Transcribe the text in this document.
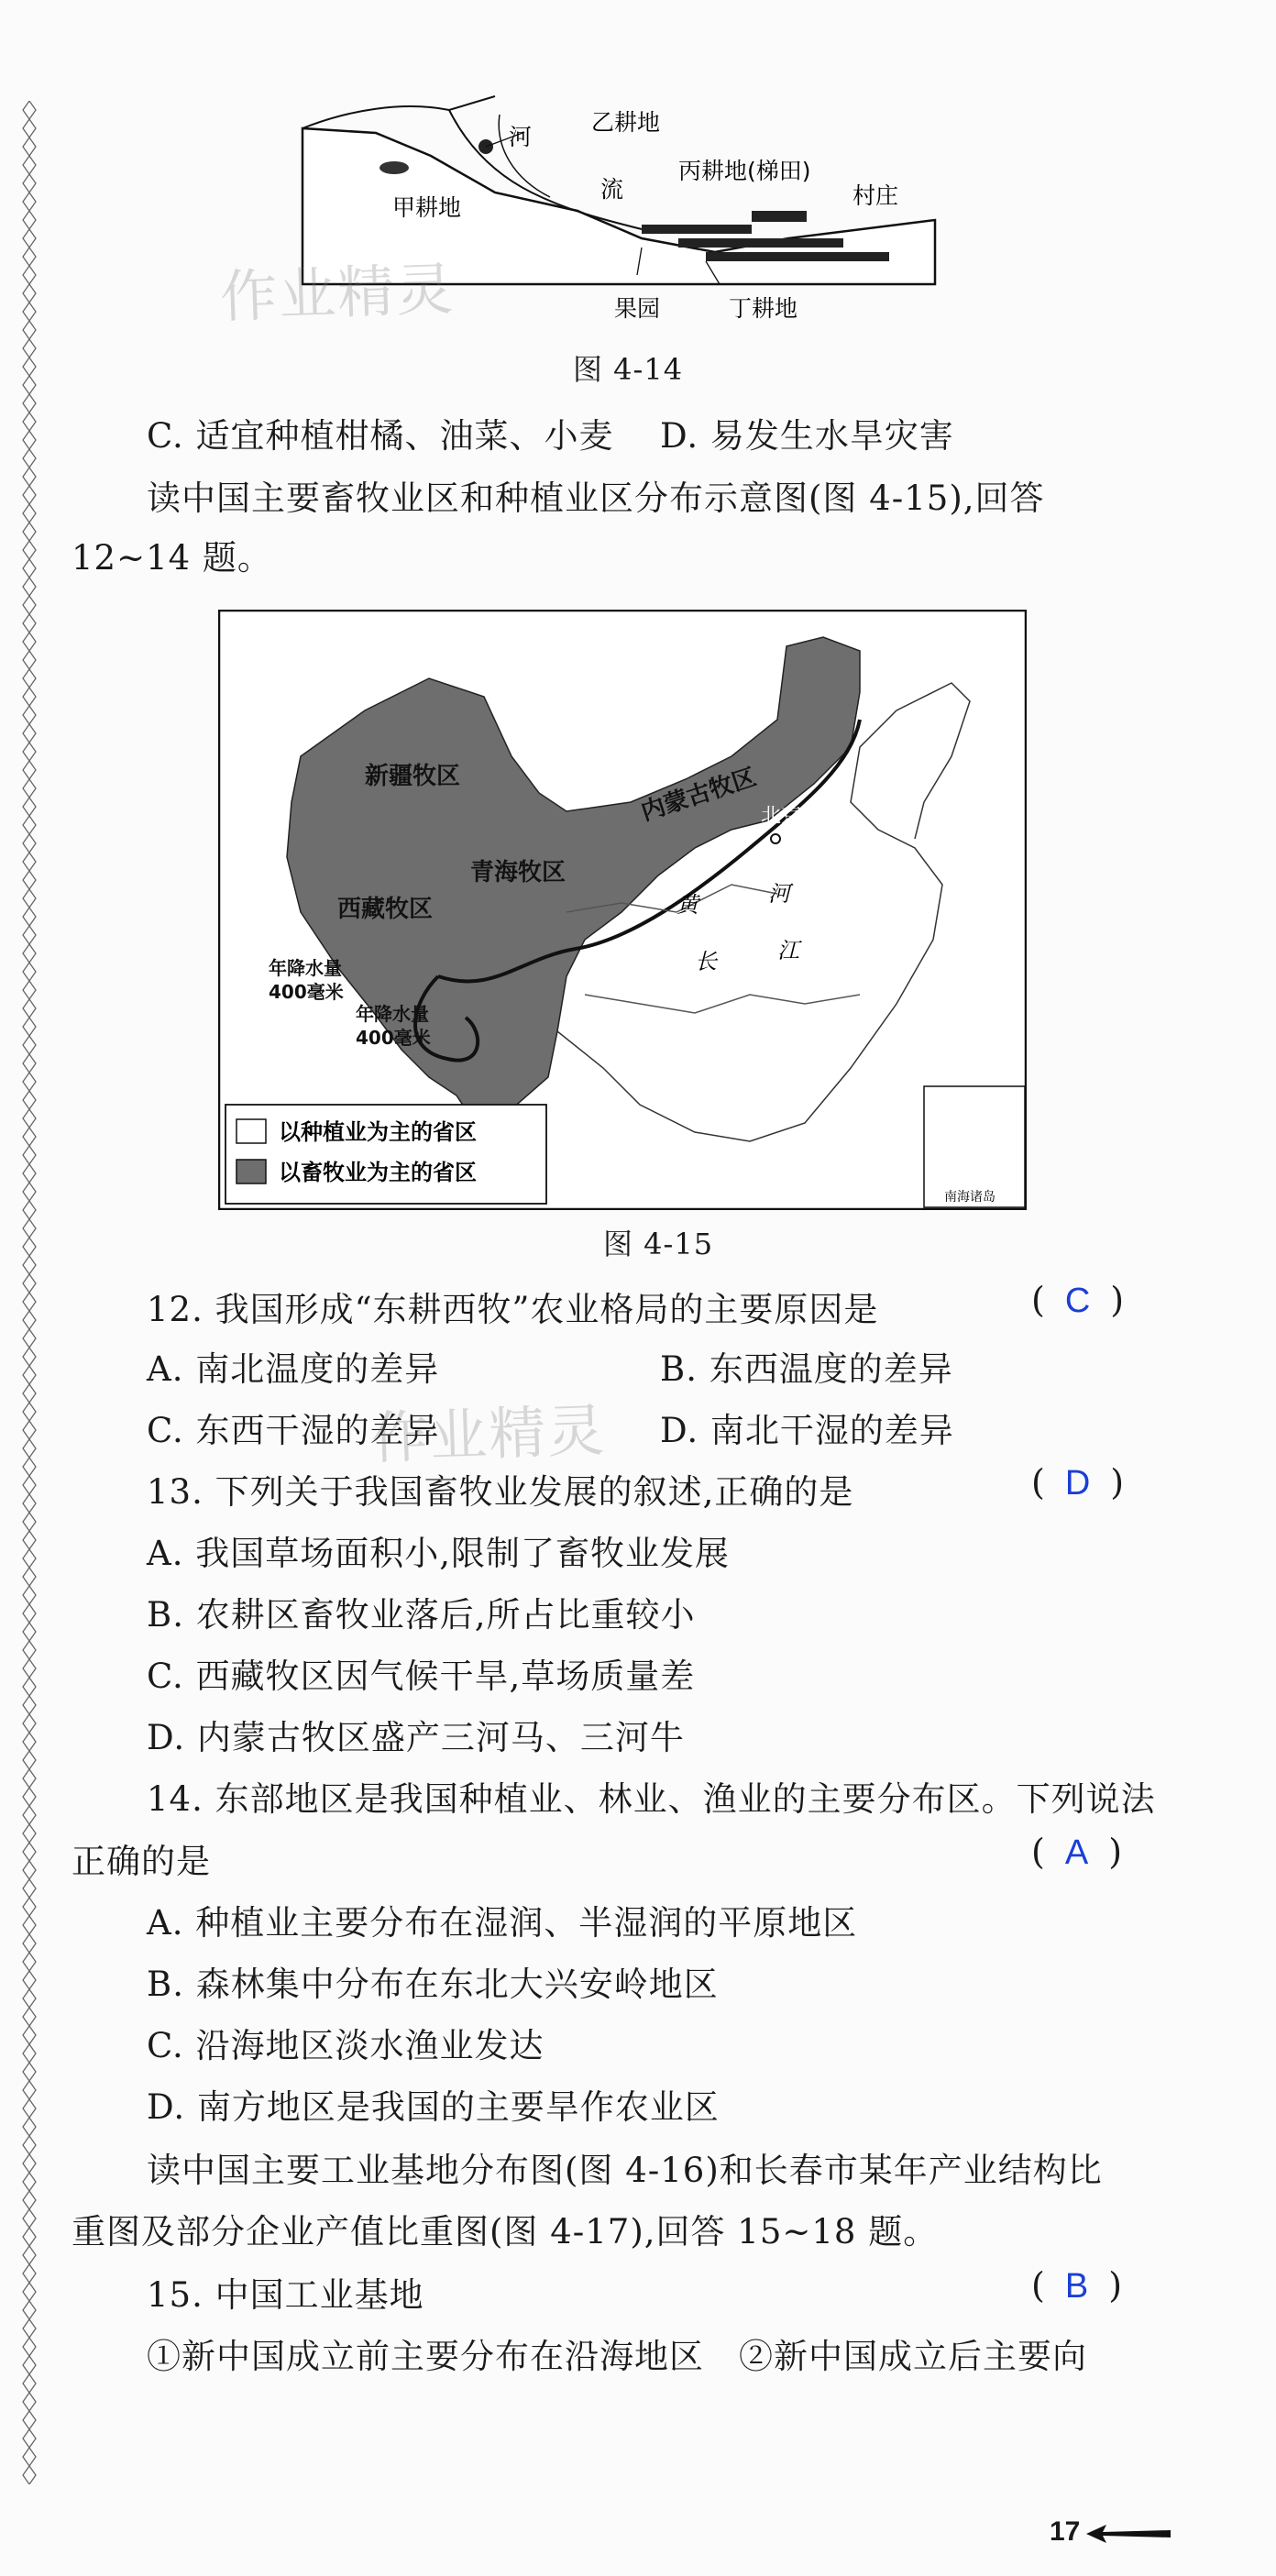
乙耕地
河
流
丙耕地(梯田)
村庄
甲耕地
果园	丁耕地
作业精灵
图 4-14
C. 适宜种植柑橘、油菜、小麦 D. 易发生水旱灾害
读中国主要畜牧业区和种植业区分布示意图(图 4-15),回答
12~14 题。
南海诸岛
北京
新疆牧区	内蒙古牧区
青海牧区
西藏牧区	黄	河
长	江
年降水量
400毫米
年降水量
400毫米
以种植业为主的省区
以畜牧业为主的省区
图 4-15
12. 我国形成“东耕西牧”农业格局的主要原因是	( C )
A. 南北温度的差异	B. 东西温度的差异
C. 东西干湿的差异	D. 南北干湿的差异
作业精灵
13. 下列关于我国畜牧业发展的叙述,正确的是	( D )
A. 我国草场面积小,限制了畜牧业发展
B. 农耕区畜牧业落后,所占比重较小
C. 西藏牧区因气候干旱,草场质量差
D. 内蒙古牧区盛产三河马、三河牛
14. 东部地区是我国种植业、林业、渔业的主要分布区。下列说法
正确的是	( A )
A. 种植业主要分布在湿润、半湿润的平原地区
B. 森林集中分布在东北大兴安岭地区
C. 沿海地区淡水渔业发达
D. 南方地区是我国的主要旱作农业区
读中国主要工业基地分布图(图 4-16)和长春市某年产业结构比
重图及部分企业产值比重图(图 4-17),回答 15~18 题。
15. 中国工业基地	( B )
①新中国成立前主要分布在沿海地区　②新中国成立后主要向
17
